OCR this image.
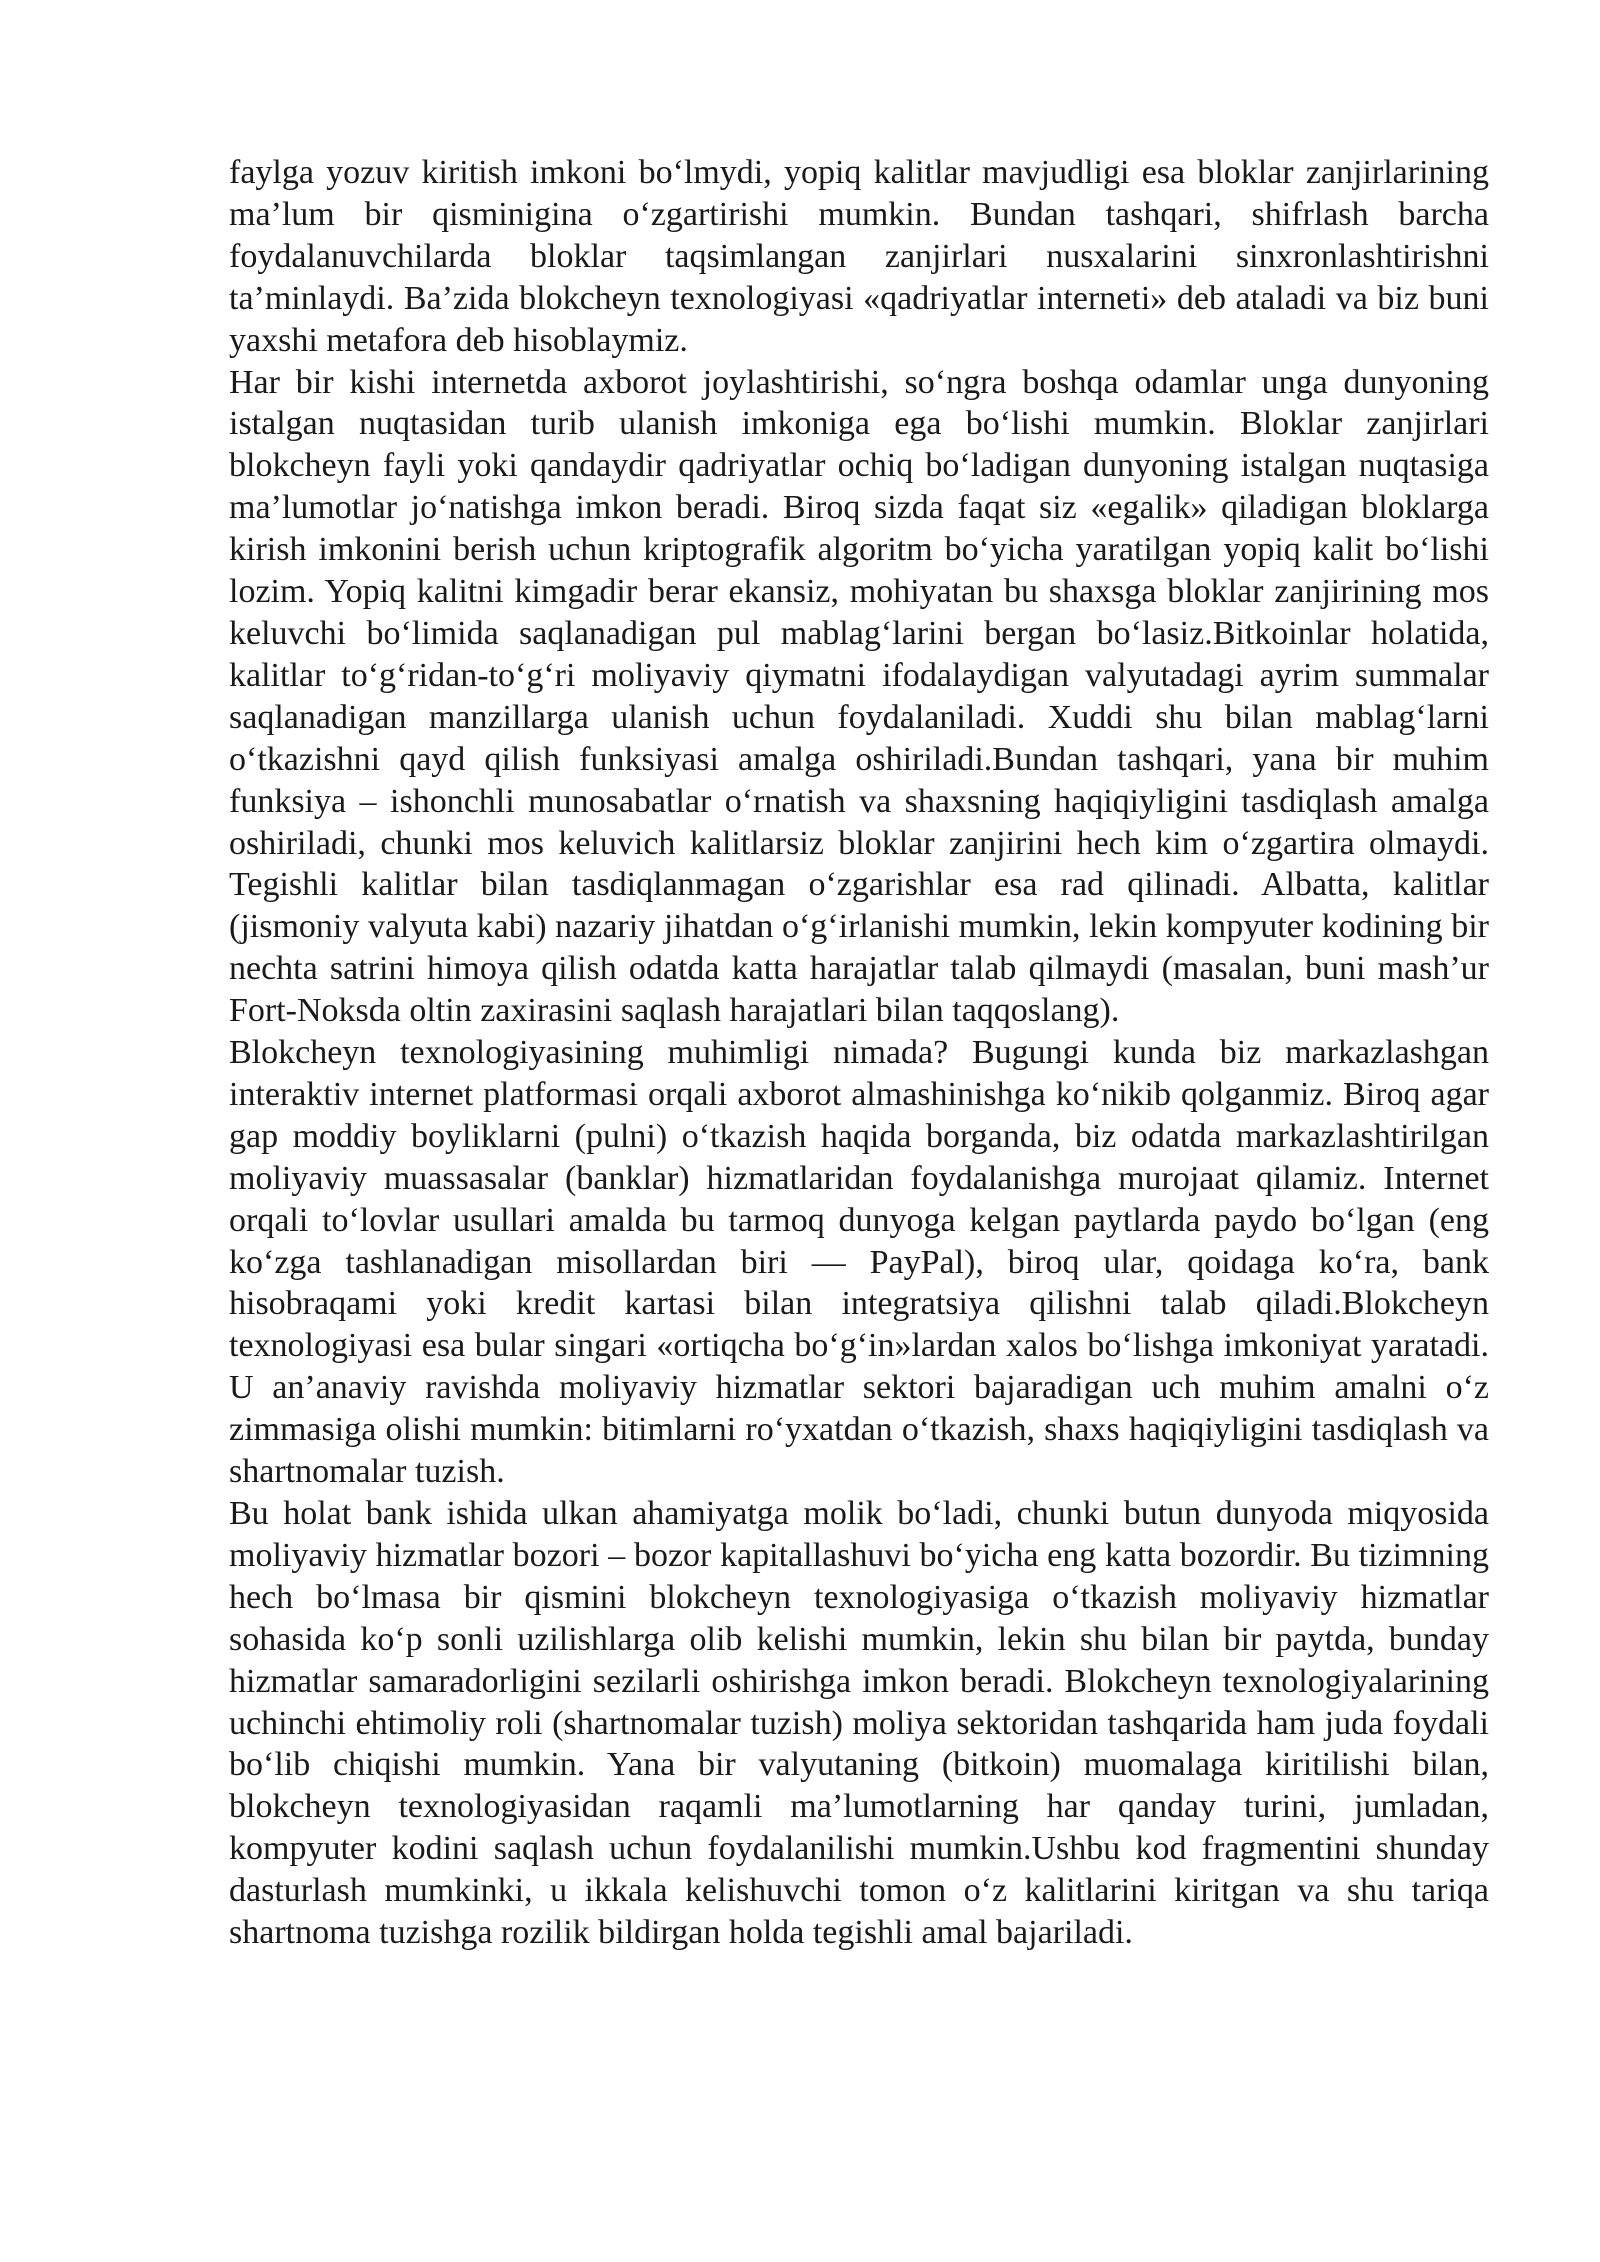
faylga yozuv kiritish imkoni bo‘lmydi, yopiq kalitlar mavjudligi esa bloklar zanjirlarining ma’lum bir qisminigina o‘zgartirishi mumkin. Bundan tashqari, shifrlash barcha foydalanuvchilarda bloklar taqsimlangan zanjirlari nusxalarini sinxronlashtirishni ta’minlaydi. Ba’zida blokcheyn texnologiyasi «qadriyatlar interneti» deb ataladi va biz buni yaxshi metafora deb hisoblaymiz.

Har bir kishi internetda axborot joylashtirishi, so‘ngra boshqa odamlar unga dunyoning istalgan nuqtasidan turib ulanish imkoniga ega bo‘lishi mumkin. Bloklar zanjirlari blokcheyn fayli yoki qandaydir qadriyatlar ochiq bo‘ladigan dunyoning istalgan nuqtasiga ma’lumotlar jo‘natishga imkon beradi. Biroq sizda faqat siz «egalik» qiladigan bloklarga kirish imkonini berish uchun kriptografik algoritm bo‘yicha yaratilgan yopiq kalit bo‘lishi lozim. Yopiq kalitni kimgadir berar ekansiz, mohiyatan bu shaxsga bloklar zanjirining mos keluvchi bo‘limida saqlanadigan pul mablag‘larini bergan bo‘lasiz.Bitkoinlar holatida, kalitlar to‘g‘ridan-to‘g‘ri moliyaviy qiymatni ifodalaydigan valyutadagi ayrim summalar saqlanadigan manzillarga ulanish uchun foydalaniladi. Xuddi shu bilan mablag‘larni o‘tkazishni qayd qilish funksiyasi amalga oshiriladi.Bundan tashqari, yana bir muhim funksiya – ishonchli munosabatlar o‘rnatish va shaxsning haqiqiyligini tasdiqlash amalga oshiriladi, chunki mos keluvich kalitlarsiz bloklar zanjirini hech kim o‘zgartira olmaydi. Tegishli kalitlar bilan tasdiqlanmagan o‘zgarishlar esa rad qilinadi. Albatta, kalitlar (jismoniy valyuta kabi) nazariy jihatdan o‘g‘irlanishi mumkin, lekin kompyuter kodining bir nechta satrini himoya qilish odatda katta harajatlar talab qilmaydi (masalan, buni mash’ur Fort-Noksda oltin zaxirasini saqlash harajatlari bilan taqqoslang).

Blokcheyn texnologiyasining muhimligi nimada? Bugungi kunda biz markazlashgan interaktiv internet platformasi orqali axborot almashinishga ko‘nikib qolganmiz. Biroq agar gap moddiy boyliklarni (pulni) o‘tkazish haqida borganda, biz odatda markazlashtirilgan moliyaviy muassasalar (banklar) hizmatlaridan foydalanishga murojaat qilamiz. Internet orqali to‘lovlar usullari amalda bu tarmoq dunyoga kelgan paytlarda paydo bo‘lgan (eng ko‘zga tashlanadigan misollardan biri — PayPal), biroq ular, qoidaga ko‘ra, bank hisobraqami yoki kredit kartasi bilan integratsiya qilishni talab qiladi.Blokcheyn texnologiyasi esa bular singari «ortiqcha bo‘g‘in»lardan xalos bo‘lishga imkoniyat yaratadi. U an’anaviy ravishda moliyaviy hizmatlar sektori bajaradigan uch muhim amalni o‘z zimmasiga olishi mumkin: bitimlarni ro‘yxatdan o‘tkazish, shaxs haqiqiyligini tasdiqlash va shartnomalar tuzish.

Bu holat bank ishida ulkan ahamiyatga molik bo‘ladi, chunki butun dunyoda miqyosida moliyaviy hizmatlar bozori – bozor kapitallashuvi bo‘yicha eng katta bozordir. Bu tizimning hech bo‘lmasa bir qismini blokcheyn texnologiyasiga o‘tkazish moliyaviy hizmatlar sohasida ko‘p sonli uzilishlarga olib kelishi mumkin, lekin shu bilan bir paytda, bunday hizmatlar samaradorligini sezilarli oshirishga imkon beradi. Blokcheyn texnologiyalarining uchinchi ehtimoliy roli (shartnomalar tuzish) moliya sektoridan tashqarida ham juda foydali bo‘lib chiqishi mumkin. Yana bir valyutaning (bitkoin) muomalaga kiritilishi bilan, blokcheyn texnologiyasidan raqamli ma’lumotlarning har qanday turini, jumladan, kompyuter kodini saqlash uchun foydalanilishi mumkin.Ushbu kod fragmentini shunday dasturlash mumkinki, u ikkala kelishuvchi tomon o‘z kalitlarini kiritgan va shu tariqa shartnoma tuzishga rozilik bildirgan holda tegishli amal bajariladi.
